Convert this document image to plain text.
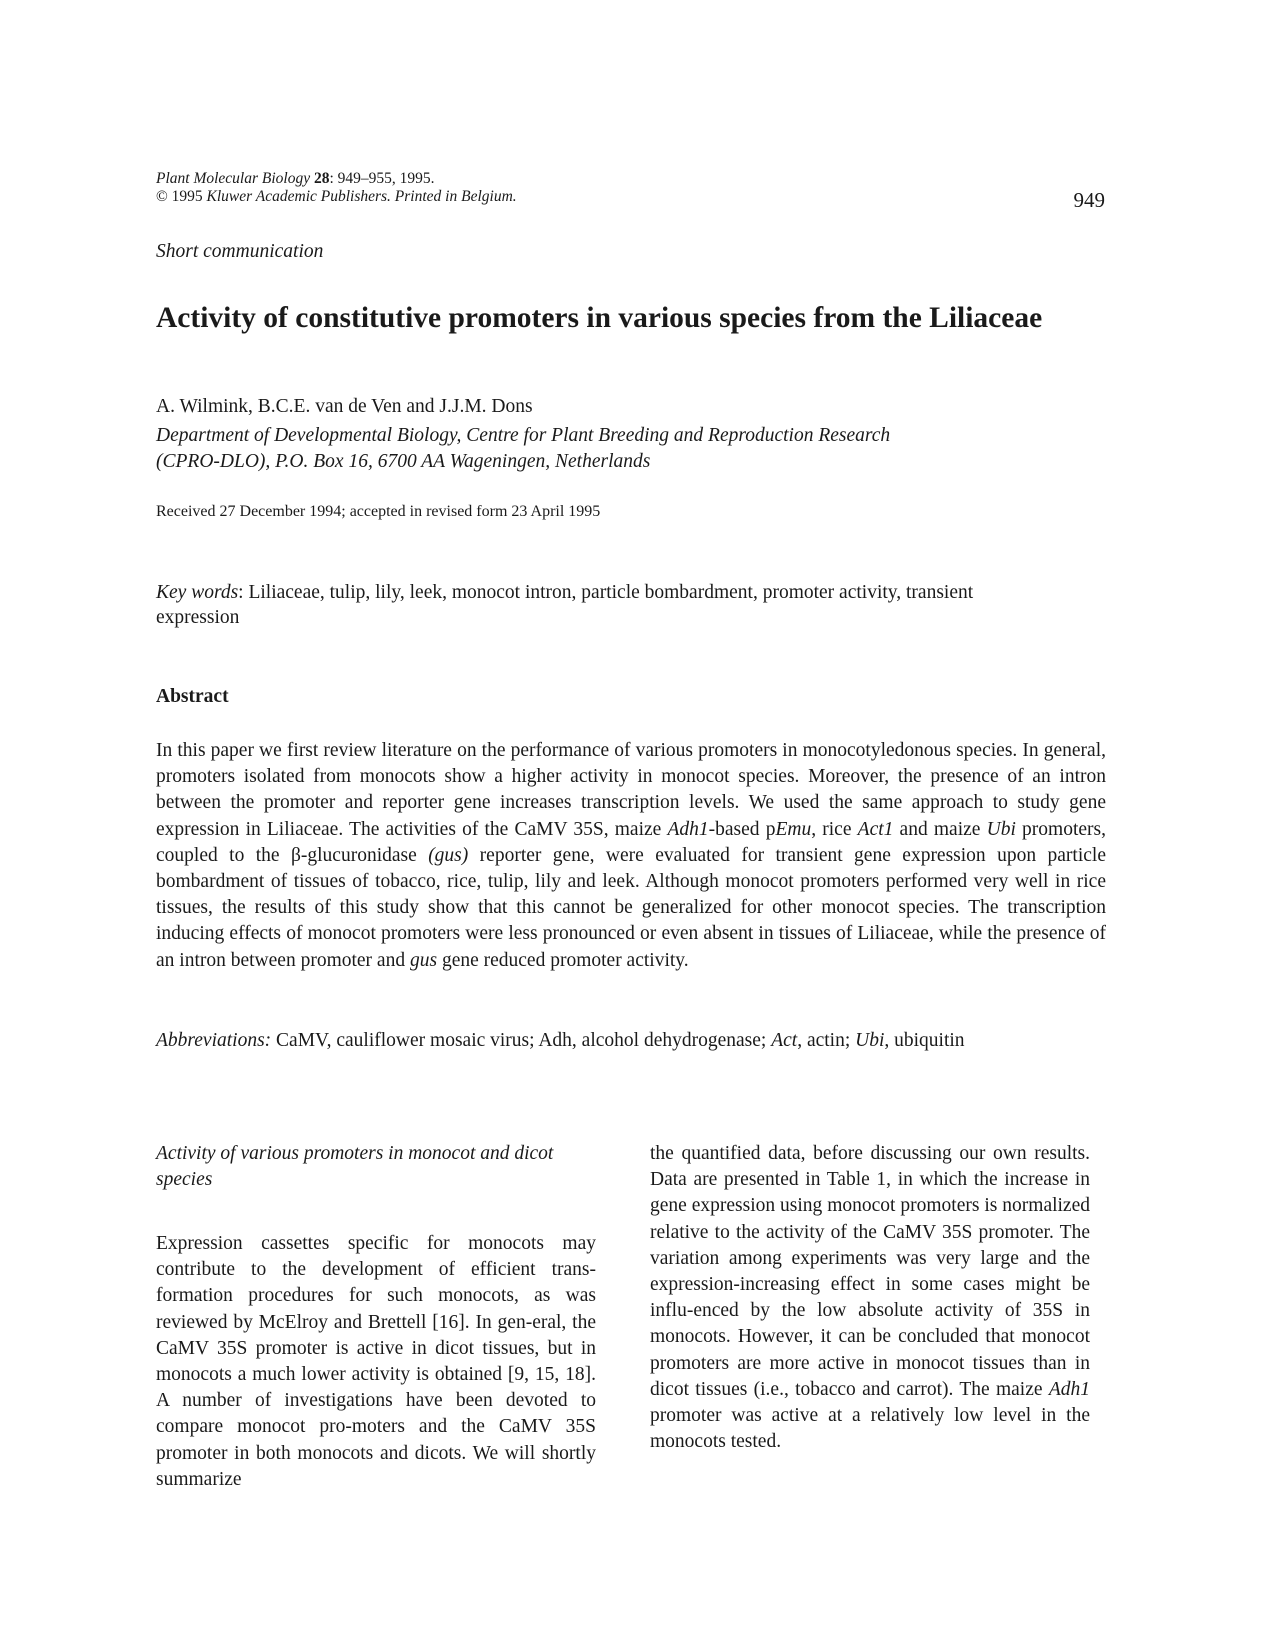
Plant Molecular Biology 28: 949–955, 1995.
© 1995 Kluwer Academic Publishers. Printed in Belgium.	949
Short communication
Activity of constitutive promoters in various species from the Liliaceae
A. Wilmink, B.C.E. van de Ven and J.J.M. Dons
Department of Developmental Biology, Centre for Plant Breeding and Reproduction Research
(CPRO-DLO), P.O. Box 16, 6700 AA Wageningen, Netherlands
Received 27 December 1994; accepted in revised form 23 April 1995
Key words: Liliaceae, tulip, lily, leek, monocot intron, particle bombardment, promoter activity, transient expression
Abstract
In this paper we first review literature on the performance of various promoters in monocotyledonous species. In general, promoters isolated from monocots show a higher activity in monocot species. Moreover, the presence of an intron between the promoter and reporter gene increases transcription levels. We used the same approach to study gene expression in Liliaceae. The activities of the CaMV 35S, maize Adh1-based pEmu, rice Act1 and maize Ubi promoters, coupled to the β-glucuronidase (gus) reporter gene, were evaluated for transient gene expression upon particle bombardment of tissues of tobacco, rice, tulip, lily and leek. Although monocot promoters performed very well in rice tissues, the results of this study show that this cannot be generalized for other monocot species. The transcription inducing effects of monocot promoters were less pronounced or even absent in tissues of Liliaceae, while the presence of an intron between promoter and gus gene reduced promoter activity.
Abbreviations: CaMV, cauliflower mosaic virus; Adh, alcohol dehydrogenase; Act, actin; Ubi, ubiquitin
Activity of various promoters in monocot and dicot species
Expression cassettes specific for monocots may contribute to the development of efficient trans-formation procedures for such monocots, as was reviewed by McElroy and Brettell [16]. In gen-eral, the CaMV 35S promoter is active in dicot tissues, but in monocots a much lower activity is obtained [9, 15, 18]. A number of investigations have been devoted to compare monocot pro-moters and the CaMV 35S promoter in both monocots and dicots. We will shortly summarize
the quantified data, before discussing our own results. Data are presented in Table 1, in which the increase in gene expression using monocot promoters is normalized relative to the activity of the CaMV 35S promoter. The variation among experiments was very large and the expression-increasing effect in some cases might be influ-enced by the low absolute activity of 35S in monocots. However, it can be concluded that monocot promoters are more active in monocot tissues than in dicot tissues (i.e., tobacco and carrot). The maize Adh1 promoter was active at a relatively low level in the monocots tested.
